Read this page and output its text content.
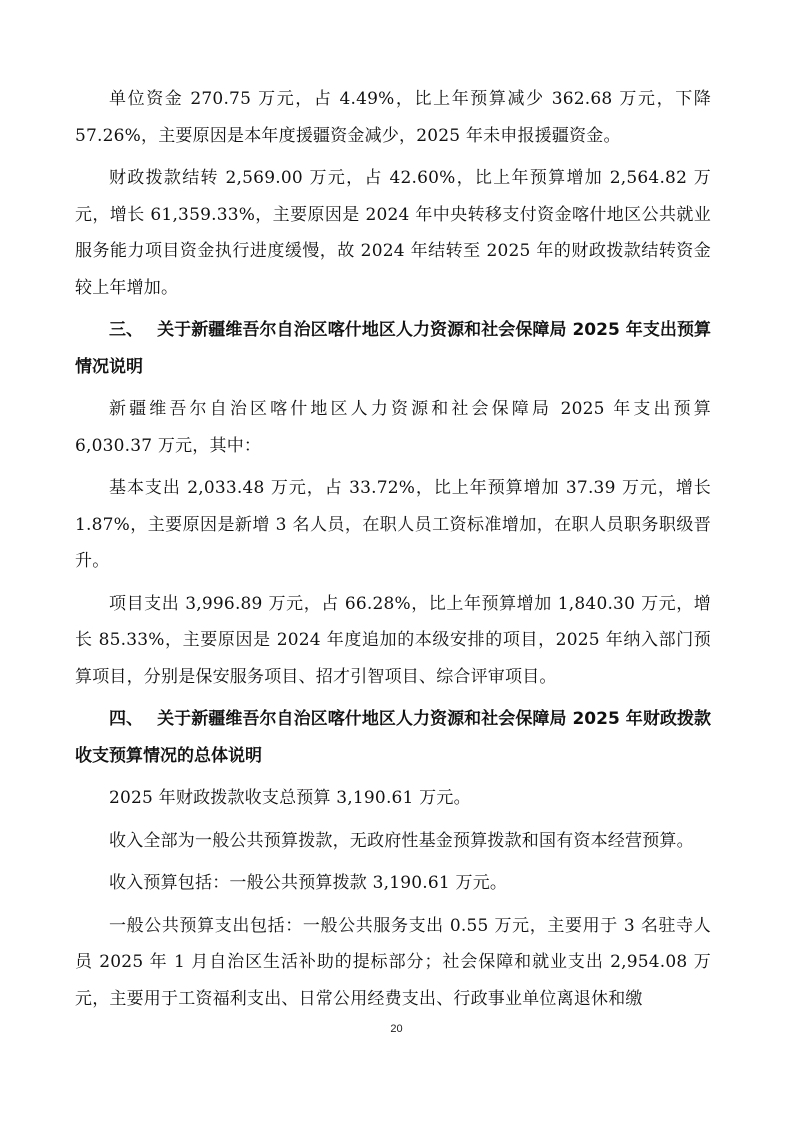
单位资金 270.75 万元，占 4.49%，比上年预算减少 362.68 万元，下降 57.26%，主要原因是本年度援疆资金减少，2025 年未申报援疆资金。

财政拨款结转 2,569.00 万元，占 42.60%，比上年预算增加 2,564.82 万元，增长 61,359.33%，主要原因是 2024 年中央转移支付资金喀什地区公共就业服务能力项目资金执行进度缓慢，故 2024 年结转至 2025 年的财政拨款结转资金较上年增加。

三、 关于新疆维吾尔自治区喀什地区人力资源和社会保障局 2025 年支出预算情况说明

新疆维吾尔自治区喀什地区人力资源和社会保障局 2025 年支出预算 6,030.37 万元，其中：

基本支出 2,033.48 万元，占 33.72%，比上年预算增加 37.39 万元，增长 1.87%，主要原因是新增 3 名人员，在职人员工资标准增加，在职人员职务职级晋升。

项目支出 3,996.89 万元，占 66.28%，比上年预算增加 1,840.30 万元，增长 85.33%，主要原因是 2024 年度追加的本级安排的项目，2025 年纳入部门预算项目，分别是保安服务项目、招才引智项目、综合评审项目。

四、 关于新疆维吾尔自治区喀什地区人力资源和社会保障局 2025 年财政拨款收支预算情况的总体说明

2025 年财政拨款收支总预算 3,190.61 万元。

收入全部为一般公共预算拨款，无政府性基金预算拨款和国有资本经营预算。

收入预算包括：一般公共预算拨款 3,190.61 万元。

一般公共预算支出包括：一般公共服务支出 0.55 万元，主要用于 3 名驻寺人员 2025 年 1 月自治区生活补助的提标部分；社会保障和就业支出 2,954.08 万元，主要用于工资福利支出、日常公用经费支出、行政事业单位离退休和缴

20
